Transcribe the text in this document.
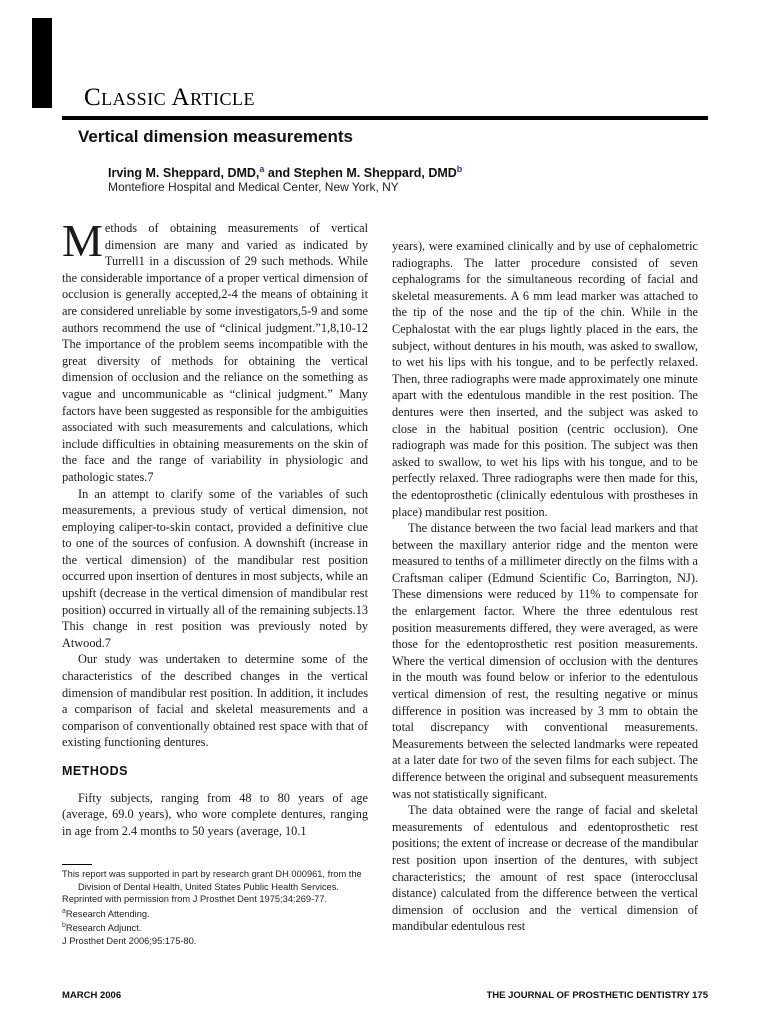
Classic Article
Vertical dimension measurements
Irving M. Sheppard, DMD,$^a$ and Stephen M. Sheppard, DMD$^b$
Montefiore Hospital and Medical Center, New York, NY

Methods of obtaining measurements of vertical dimension are many and varied as indicated by Turrell1 in a discussion of 29 such methods. While the considerable importance of a proper vertical dimension of occlusion is generally accepted,2-4 the means of obtaining it are considered unreliable by some investigators,5-9 and some authors recommend the use of “clinical judgment.”1,8,10-12 The importance of the problem seems incompatible with the great diversity of methods for obtaining the vertical dimension of occlusion and the reliance on the something as vague and uncommunicable as “clinical judgment.” Many factors have been suggested as responsible for the ambiguities associated with such measurements and calculations, which include difficulties in obtaining measurements on the skin of the face and the range of variability in physiologic and pathologic states.7

In an attempt to clarify some of the variables of such measurements, a previous study of vertical dimension, not employing caliper-to-skin contact, provided a definitive clue to one of the sources of confusion. A downshift (increase in the vertical dimension) of the mandibular rest position occurred upon insertion of dentures in most subjects, while an upshift (decrease in the vertical dimension of mandibular rest position) occurred in virtually all of the remaining subjects.13 This change in rest position was previously noted by Atwood.7

Our study was undertaken to determine some of the characteristics of the described changes in the vertical dimension of mandibular rest position. In addition, it includes a comparison of facial and skeletal measurements and a comparison of conventionally obtained rest space with that of existing functioning dentures.

METHODS

Fifty subjects, ranging from 48 to 80 years of age (average, 69.0 years), who wore complete dentures, ranging in age from 2.4 months to 50 years (average, 10.1

years), were examined clinically and by use of cephalometric radiographs. The latter procedure consisted of seven cephalograms for the simultaneous recording of facial and skeletal measurements. A 6 mm lead marker was attached to the tip of the nose and the tip of the chin. While in the Cephalostat with the ear plugs lightly placed in the ears, the subject, without dentures in his mouth, was asked to swallow, to wet his lips with his tongue, and to be perfectly relaxed. Then, three radiographs were made approximately one minute apart with the edentulous mandible in the rest position. The dentures were then inserted, and the subject was asked to close in the habitual position (centric occlusion). One radiograph was made for this position. The subject was then asked to swallow, to wet his lips with his tongue, and to be perfectly relaxed. Three radiographs were then made for this, the edentoprosthetic (clinically edentulous with prostheses in place) mandibular rest position.

The distance between the two facial lead markers and that between the maxillary anterior ridge and the menton were measured to tenths of a millimeter directly on the films with a Craftsman caliper (Edmund Scientific Co, Barrington, NJ). These dimensions were reduced by 11% to compensate for the enlargement factor. Where the three edentulous rest position measurements differed, they were averaged, as were those for the edentoprosthetic rest position measurements. Where the vertical dimension of occlusion with the dentures in the mouth was found below or inferior to the edentulous vertical dimension of rest, the resulting negative or minus difference in position was increased by 3 mm to obtain the total discrepancy with conventional measurements. Measurements between the selected landmarks were repeated at a later date for two of the seven films for each subject. The difference between the original and subsequent measurements was not statistically significant.

The data obtained were the range of facial and skeletal measurements of edentulous and edentoprosthetic rest positions; the extent of increase or decrease of the mandibular rest position upon insertion of the dentures, with subject characteristics; the amount of rest space (interocclusal distance) calculated from the difference between the vertical dimension of occlusion and the vertical dimension of mandibular edentulous rest

This report was supported in part by research grant DH 000961, from the Division of Dental Health, United States Public Health Services.

Reprinted with permission from J Prosthet Dent 1975;34:269-77.

$^a$Research Attending.

$^b$Research Adjunct.

J Prosthet Dent 2006;95:175-80.

MARCH 2006	THE JOURNAL OF PROSTHETIC DENTISTRY 175
